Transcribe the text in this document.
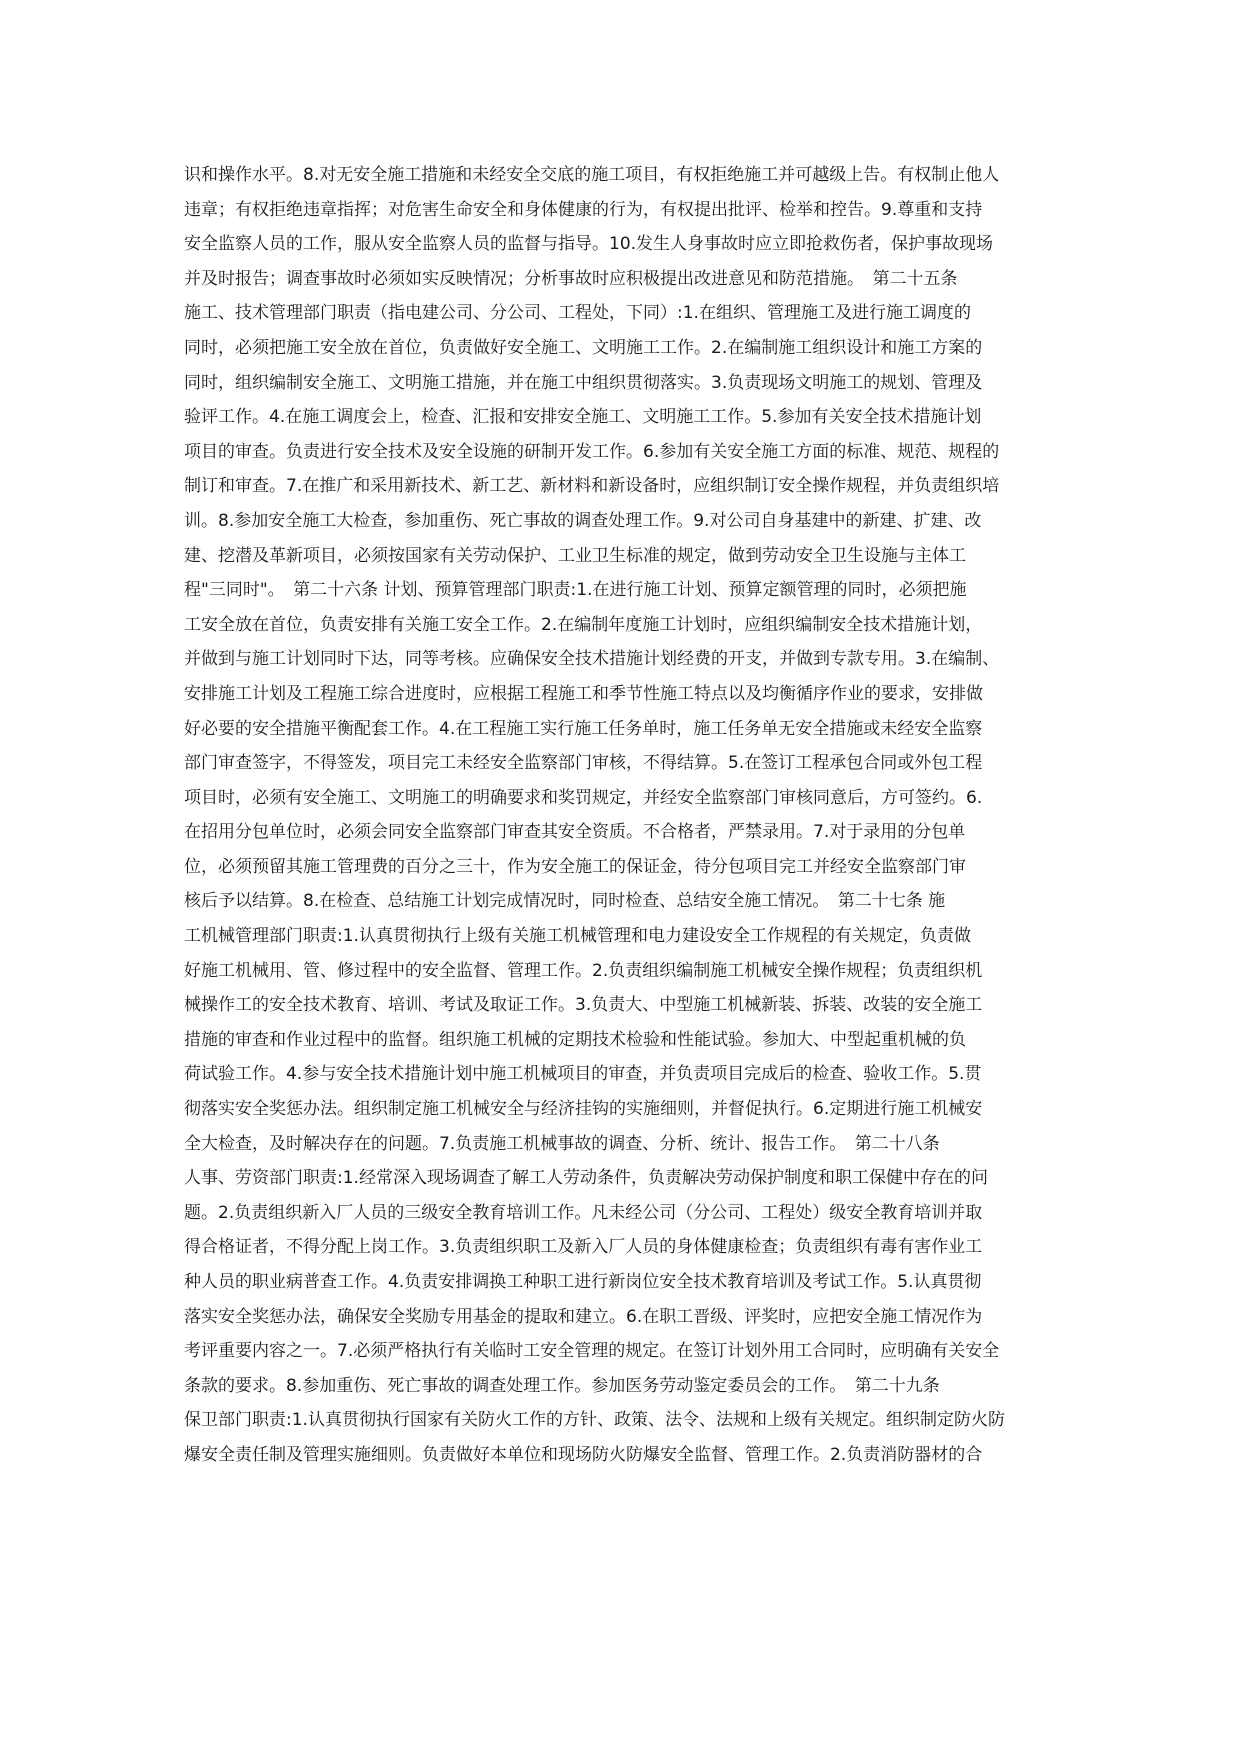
识和操作水平。8.对无安全施工措施和未经安全交底的施工项目，有权拒绝施工并可越级上告。有权制止他人
违章；有权拒绝违章指挥；对危害生命安全和身体健康的行为，有权提出批评、检举和控告。9.尊重和支持
安全监察人员的工作，服从安全监察人员的监督与指导。10.发生人身事故时应立即抢救伤者，保护事故现场
并及时报告；调查事故时必须如实反映情况；分析事故时应积极提出改进意见和防范措施。　第二十五条
施工、技术管理部门职责（指电建公司、分公司、工程处，下同）:1.在组织、管理施工及进行施工调度的
同时，必须把施工安全放在首位，负责做好安全施工、文明施工工作。2.在编制施工组织设计和施工方案的
同时，组织编制安全施工、文明施工措施，并在施工中组织贯彻落实。3.负责现场文明施工的规划、管理及
验评工作。4.在施工调度会上，检查、汇报和安排安全施工、文明施工工作。5.参加有关安全技术措施计划
项目的审查。负责进行安全技术及安全设施的研制开发工作。6.参加有关安全施工方面的标准、规范、规程的
制订和审查。7.在推广和采用新技术、新工艺、新材料和新设备时，应组织制订安全操作规程，并负责组织培
训。8.参加安全施工大检查，参加重伤、死亡事故的调查处理工作。9.对公司自身基建中的新建、扩建、改
建、挖潜及革新项目，必须按国家有关劳动保护、工业卫生标准的规定，做到劳动安全卫生设施与主体工
程"三同时"。　第二十六条 计划、预算管理部门职责:1.在进行施工计划、预算定额管理的同时，必须把施
工安全放在首位，负责安排有关施工安全工作。2.在编制年度施工计划时，应组织编制安全技术措施计划，
并做到与施工计划同时下达，同等考核。应确保安全技术措施计划经费的开支，并做到专款专用。3.在编制、
安排施工计划及工程施工综合进度时，应根据工程施工和季节性施工特点以及均衡循序作业的要求，安排做
好必要的安全措施平衡配套工作。4.在工程施工实行施工任务单时，施工任务单无安全措施或未经安全监察
部门审查签字，不得签发，项目完工未经安全监察部门审核，不得结算。5.在签订工程承包合同或外包工程
项目时，必须有安全施工、文明施工的明确要求和奖罚规定，并经安全监察部门审核同意后，方可签约。6.
在招用分包单位时，必须会同安全监察部门审查其安全资质。不合格者，严禁录用。7.对于录用的分包单
位，必须预留其施工管理费的百分之三十，作为安全施工的保证金，待分包项目完工并经安全监察部门审
核后予以结算。8.在检查、总结施工计划完成情况时，同时检查、总结安全施工情况。　第二十七条 施
工机械管理部门职责:1.认真贯彻执行上级有关施工机械管理和电力建设安全工作规程的有关规定，负责做
好施工机械用、管、修过程中的安全监督、管理工作。2.负责组织编制施工机械安全操作规程；负责组织机
械操作工的安全技术教育、培训、考试及取证工作。3.负责大、中型施工机械新装、拆装、改装的安全施工
措施的审查和作业过程中的监督。组织施工机械的定期技术检验和性能试验。参加大、中型起重机械的负
荷试验工作。4.参与安全技术措施计划中施工机械项目的审查，并负责项目完成后的检查、验收工作。5.贯
彻落实安全奖惩办法。组织制定施工机械安全与经济挂钩的实施细则，并督促执行。6.定期进行施工机械安
全大检查，及时解决存在的问题。7.负责施工机械事故的调查、分析、统计、报告工作。　第二十八条
人事、劳资部门职责:1.经常深入现场调查了解工人劳动条件，负责解决劳动保护制度和职工保健中存在的问
题。2.负责组织新入厂人员的三级安全教育培训工作。凡未经公司（分公司、工程处）级安全教育培训并取
得合格证者，不得分配上岗工作。3.负责组织职工及新入厂人员的身体健康检查；负责组织有毒有害作业工
种人员的职业病普查工作。4.负责安排调换工种职工进行新岗位安全技术教育培训及考试工作。5.认真贯彻
落实安全奖惩办法，确保安全奖励专用基金的提取和建立。6.在职工晋级、评奖时，应把安全施工情况作为
考评重要内容之一。7.必须严格执行有关临时工安全管理的规定。在签订计划外用工合同时，应明确有关安全
条款的要求。8.参加重伤、死亡事故的调查处理工作。参加医务劳动鉴定委员会的工作。　第二十九条
保卫部门职责:1.认真贯彻执行国家有关防火工作的方针、政策、法令、法规和上级有关规定。组织制定防火防
爆安全责任制及管理实施细则。负责做好本单位和现场防火防爆安全监督、管理工作。2.负责消防器材的合
